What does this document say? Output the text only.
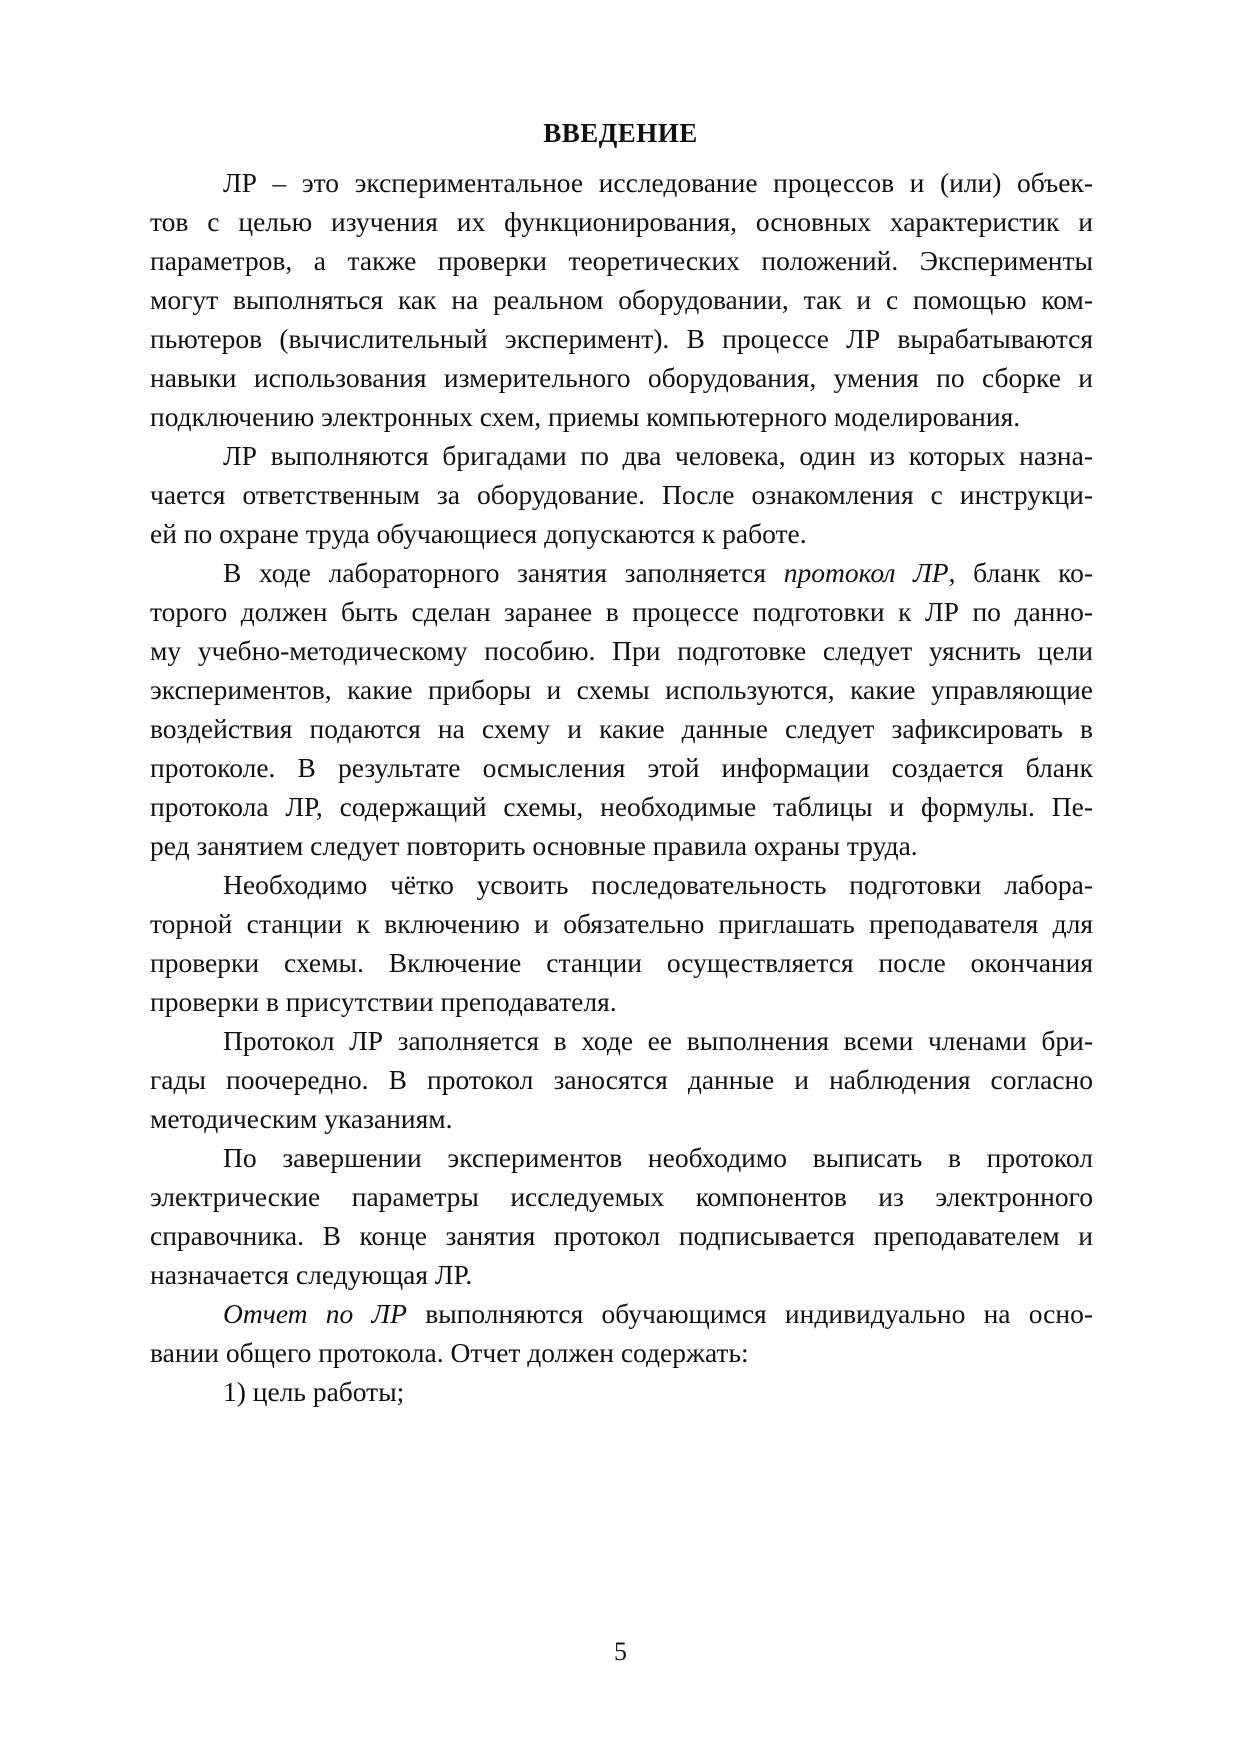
ВВЕДЕНИЕ
ЛР – это экспериментальное исследование процессов и (или) объек-
тов с целью изучения их функционирования, основных характеристик и
параметров, а также проверки теоретических положений. Эксперименты
могут выполняться как на реальном оборудовании, так и с помощью ком-
пьютеров (вычислительный эксперимент). В процессе ЛР вырабатываются
навыки использования измерительного оборудования, умения по сборке и
подключению электронных схем, приемы компьютерного моделирования.
ЛР выполняются бригадами по два человека, один из которых назна-
чается ответственным за оборудование. После ознакомления с инструкци-
ей по охране труда обучающиеся допускаются к работе.
В ходе лабораторного занятия заполняется протокол ЛР, бланк ко-
торого должен быть сделан заранее в процессе подготовки к ЛР по данно-
му учебно-методическому пособию. При подготовке следует уяснить цели
экспериментов, какие приборы и схемы используются, какие управляющие
воздействия подаются на схему и какие данные следует зафиксировать в
протоколе. В результате осмысления этой информации создается бланк
протокола ЛР, содержащий схемы, необходимые таблицы и формулы. Пе-
ред занятием следует повторить основные правила охраны труда.
Необходимо чётко усвоить последовательность подготовки лабора-
торной станции к включению и обязательно приглашать преподавателя для
проверки схемы. Включение станции осуществляется после окончания
проверки в присутствии преподавателя.
Протокол ЛР заполняется в ходе ее выполнения всеми членами бри-
гады поочередно. В протокол заносятся данные и наблюдения согласно
методическим указаниям.
По завершении экспериментов необходимо выписать в протокол
электрические параметры исследуемых компонентов из электронного
справочника. В конце занятия протокол подписывается преподавателем и
назначается следующая ЛР.
Отчет по ЛР выполняются обучающимся индивидуально на осно-
вании общего протокола. Отчет должен содержать:
1) цель работы;
5
